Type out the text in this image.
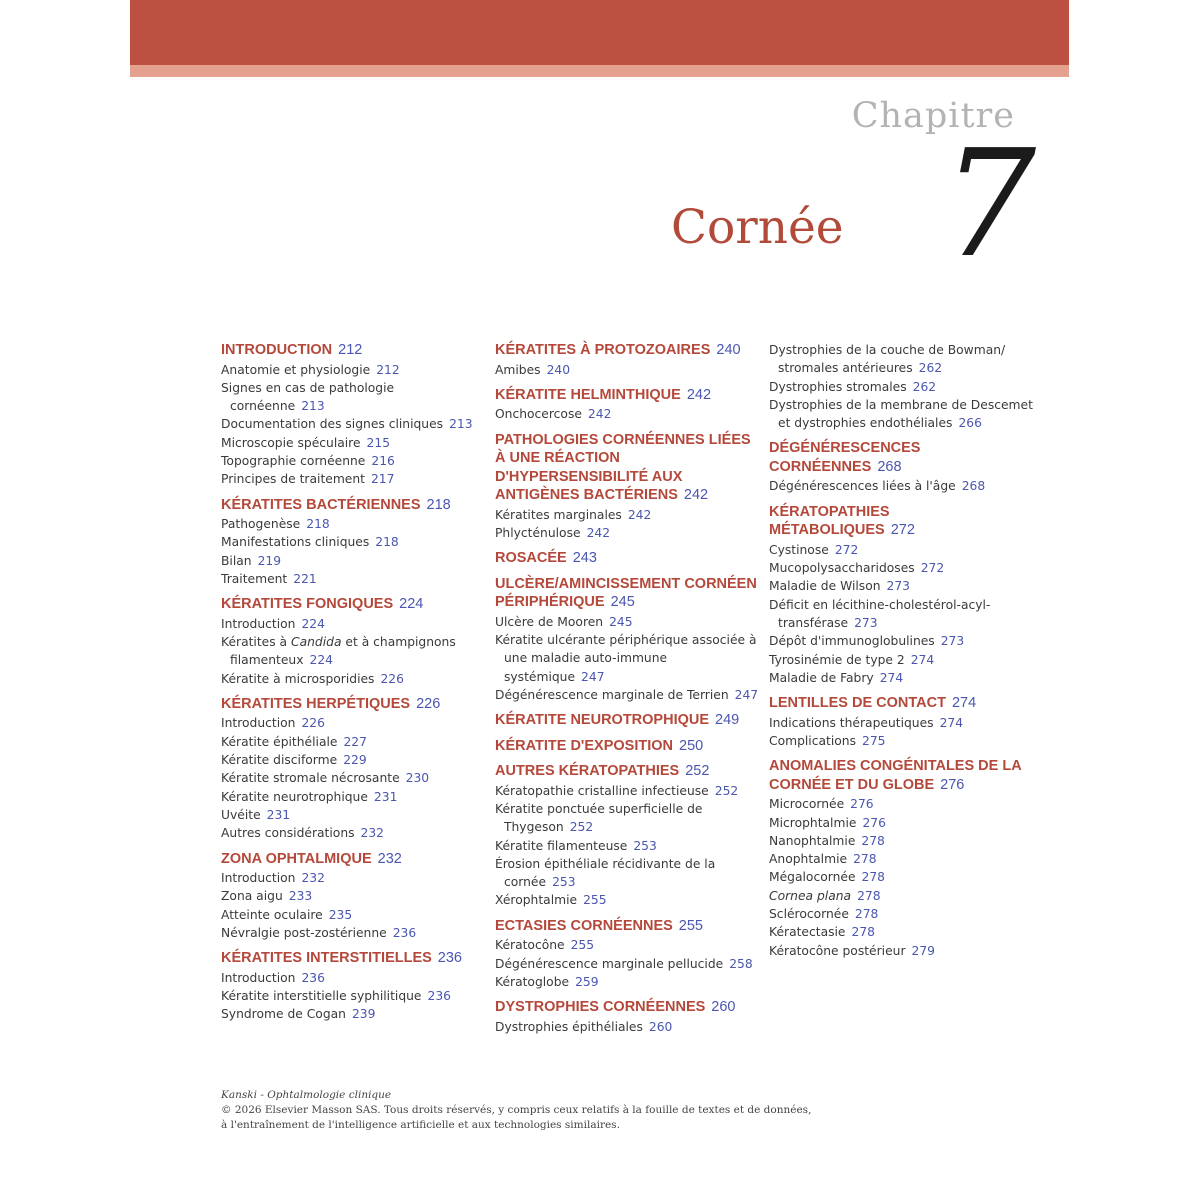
Chapitre
7
Cornée
INTRODUCTION 212
Anatomie et physiologie 212
Signes en cas de pathologie cornéenne 213
Documentation des signes cliniques 213
Microscopie spéculaire 215
Topographie cornéenne 216
Principes de traitement 217
KÉRATITES BACTÉRIENNES 218
Pathogenèse 218
Manifestations cliniques 218
Bilan 219
Traitement 221
KÉRATITES FONGIQUES 224
Introduction 224
Kératites à Candida et à champignons filamenteux 224
Kératite à microsporidies 226
KÉRATITES HERPÉTIQUES 226
Introduction 226
Kératite épithéliale 227
Kératite disciforme 229
Kératite stromale nécrosante 230
Kératite neurotrophique 231
Uvéite 231
Autres considérations 232
ZONA OPHTALMIQUE 232
Introduction 232
Zona aigu 233
Atteinte oculaire 235
Névralgie post-zostérienne 236
KÉRATITES INTERSTITIELLES 236
Introduction 236
Kératite interstitielle syphilitique 236
Syndrome de Cogan 239
KÉRATITES À PROTOZOAIRES 240
Amibes 240
KÉRATITE HELMINTHIQUE 242
Onchocercose 242
PATHOLOGIES CORNÉENNES LIÉES À UNE RÉACTION D'HYPERSENSIBILITÉ AUX ANTIGÈNES BACTÉRIENS 242
Kératites marginales 242
Phlycténulose 242
ROSACÉE 243
ULCÈRE/AMINCISSEMENT CORNÉEN PÉRIPHÉRIQUE 245
Ulcère de Mooren 245
Kératite ulcérante périphérique associée à une maladie auto-immune systémique 247
Dégénérescence marginale de Terrien 247
KÉRATITE NEUROTROPHIQUE 249
KÉRATITE D'EXPOSITION 250
AUTRES KÉRATOPATHIES 252
Kératopathie cristalline infectieuse 252
Kératite ponctuée superficielle de Thygeson 252
Kératite filamenteuse 253
Érosion épithéliale récidivante de la cornée 253
Xérophtalmie 255
ECTASIES CORNÉENNES 255
Kératocône 255
Dégénérescence marginale pellucide 258
Kératoglobe 259
DYSTROPHIES CORNÉENNES 260
Dystrophies épithéliales 260
Dystrophies de la couche de Bowman/ stromales antérieures 262
Dystrophies stromales 262
Dystrophies de la membrane de Descemet et dystrophies endothéliales 266
DÉGÉNÉRESCENCES CORNÉENNES 268
Dégénérescences liées à l'âge 268
KÉRATOPATHIES MÉTABOLIQUES 272
Cystinose 272
Mucopolysaccharidoses 272
Maladie de Wilson 273
Déficit en lécithine-cholestérol-acyl-transférase 273
Dépôt d'immunoglobulines 273
Tyrosinémie de type 2 274
Maladie de Fabry 274
LENTILLES DE CONTACT 274
Indications thérapeutiques 274
Complications 275
ANOMALIES CONGÉNITALES DE LA CORNÉE ET DU GLOBE 276
Microcornée 276
Microphtalmie 276
Nanophtalmie 278
Anophtalmie 278
Mégalocornée 278
Cornea plana 278
Sclérocornée 278
Kératectasie 278
Kératocône postérieur 279
Kanski - Ophtalmologie clinique
© 2026 Elsevier Masson SAS. Tous droits réservés, y compris ceux relatifs à la fouille de textes et de données,
à l'entraînement de l'intelligence artificielle et aux technologies similaires.
